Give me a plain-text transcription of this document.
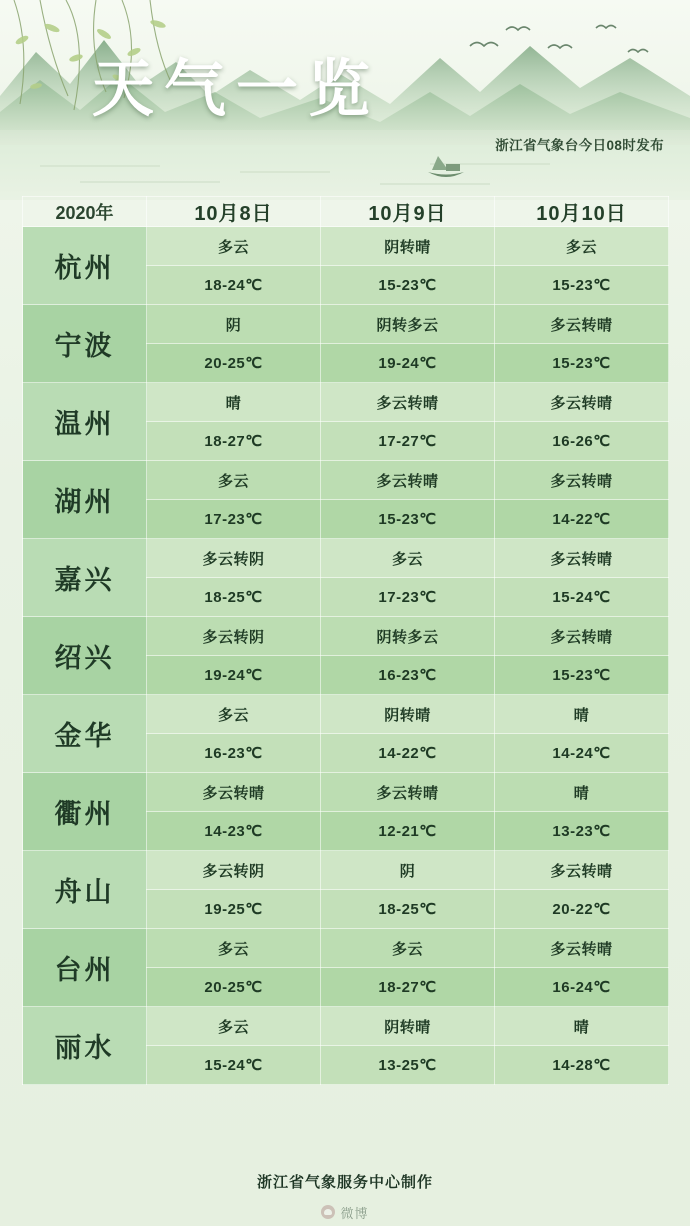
天气一览
浙江省气象台今日08时发布
2020年	10月8日	10月9日	10月10日
杭州	多云	阴转晴	多云
	18-24℃	15-23℃	15-23℃
宁波	阴	阴转多云	多云转晴
	20-25℃	19-24℃	15-23℃
温州	晴	多云转晴	多云转晴
	18-27℃	17-27℃	16-26℃
湖州	多云	多云转晴	多云转晴
	17-23℃	15-23℃	14-22℃
嘉兴	多云转阴	多云	多云转晴
	18-25℃	17-23℃	15-24℃
绍兴	多云转阴	阴转多云	多云转晴
	19-24℃	16-23℃	15-23℃
金华	多云	阴转晴	晴
	16-23℃	14-22℃	14-24℃
衢州	多云转晴	多云转晴	晴
	14-23℃	12-21℃	13-23℃
舟山	多云转阴	阴	多云转晴
	19-25℃	18-25℃	20-22℃
台州	多云	多云	多云转晴
	20-25℃	18-27℃	16-24℃
丽水	多云	阴转晴	晴
	15-24℃	13-25℃	14-28℃
浙江省气象服务中心制作
微博
